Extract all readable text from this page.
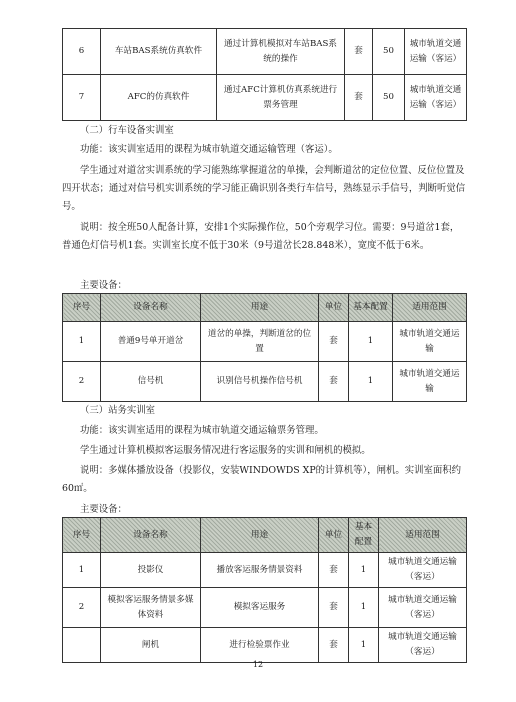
6	车站BAS系统仿真软件	通过计算机模拟对车站BAS系统的操作	套	50	城市轨道交通运输（客运）
7	AFC的仿真软件	通过AFC计算机仿真系统进行票务管理	套	50	城市轨道交通运输（客运）
（二）行车设备实训室
功能：该实训室适用的课程为城市轨道交通运输管理（客运）。
学生通过对道岔实训系统的学习能熟练掌握道岔的单操，会判断道岔的定位位置、反位位置及四开状态；通过对信号机实训系统的学习能正确识别各类行车信号，熟练显示手信号，判断听觉信号。
说明：按全班50人配备计算，安排1个实际操作位，50个旁观学习位。需要：9号道岔1套，普通色灯信号机1套。实训室长度不低于30米（9号道岔长28.848米），宽度不低于6米。
主要设备：
序号	设备名称	用途	单位	基本配置	适用范围
1	普通9号单开道岔	道岔的单操，判断道岔的位置	套	1	城市轨道交通运输
2	信号机	识别信号机操作信号机	套	1	城市轨道交通运输
（三）站务实训室
功能：该实训室适用的课程为城市轨道交通运输票务管理。
学生通过计算机模拟客运服务情况进行客运服务的实训和闸机的模拟。
说明：多媒体播放设备（投影仪，安装WINDOWDS XP的计算机等），闸机。实训室面积约60㎡。
主要设备：
序号	设备名称	用途	单位	基本配置	适用范围
1	投影仪	播放客运服务情景资料	套	1	城市轨道交通运输（客运）
2	模拟客运服务情景多媒体资料	模拟客运服务	套	1	城市轨道交通运输（客运）
	闸机	进行检验票作业	套	1	城市轨道交通运输（客运）
12
